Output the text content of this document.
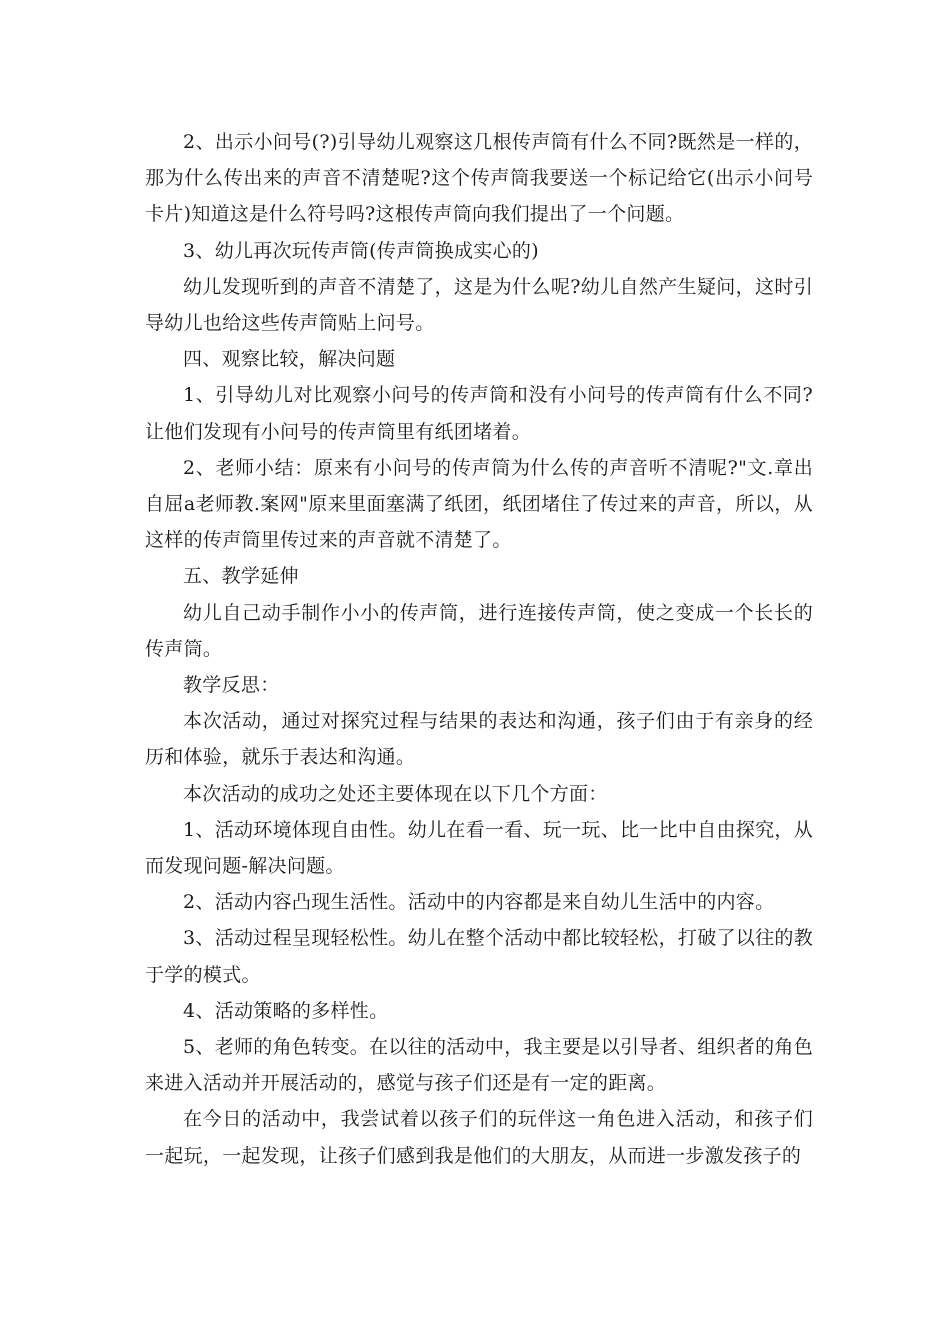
2、出示小问号(?)引导幼儿观察这几根传声筒有什么不同?既然是一样的，那为什么传出来的声音不清楚呢?这个传声筒我要送一个标记给它(出示小问号卡片)知道这是什么符号吗?这根传声筒向我们提出了一个问题。

3、幼儿再次玩传声筒(传声筒换成实心的)

幼儿发现听到的声音不清楚了，这是为什么呢?幼儿自然产生疑问，这时引导幼儿也给这些传声筒贴上问号。

四、观察比较，解决问题

1、引导幼儿对比观察小问号的传声筒和没有小问号的传声筒有什么不同?让他们发现有小问号的传声筒里有纸团堵着。

2、老师小结：原来有小问号的传声筒为什么传的声音听不清呢?"文.章出自屈a老师教.案网"原来里面塞满了纸团，纸团堵住了传过来的声音，所以，从这样的传声筒里传过来的声音就不清楚了。

五、教学延伸

幼儿自己动手制作小小的传声筒，进行连接传声筒，使之变成一个长长的传声筒。

教学反思：

本次活动，通过对探究过程与结果的表达和沟通，孩子们由于有亲身的经历和体验，就乐于表达和沟通。

本次活动的成功之处还主要体现在以下几个方面：

1、活动环境体现自由性。幼儿在看一看、玩一玩、比一比中自由探究，从而发现问题-解决问题。

2、活动内容凸现生活性。活动中的内容都是来自幼儿生活中的内容。

3、活动过程呈现轻松性。幼儿在整个活动中都比较轻松，打破了以往的教于学的模式。

4、活动策略的多样性。

5、老师的角色转变。在以往的活动中，我主要是以引导者、组织者的角色来进入活动并开展活动的，感觉与孩子们还是有一定的距离。

在今日的活动中，我尝试着以孩子们的玩伴这一角色进入活动，和孩子们一起玩，一起发现，让孩子们感到我是他们的大朋友，从而进一步激发孩子的
